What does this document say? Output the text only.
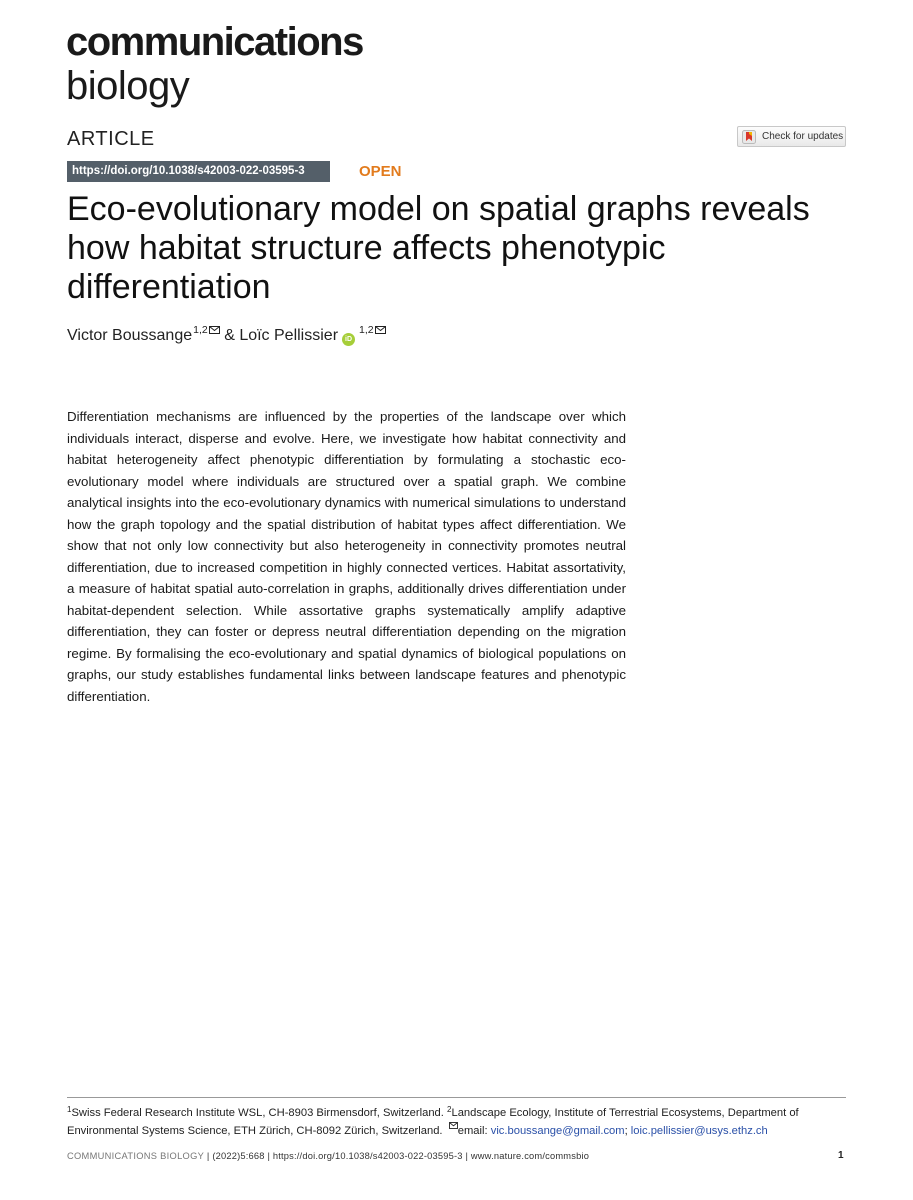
communications
biology
ARTICLE	Check for updates
https://doi.org/10.1038/s42003-022-03595-3	OPEN
Eco-evolutionary model on spatial graphs reveals how habitat structure affects phenotypic differentiation
Victor Boussange$^{1,2}$ & Loïc Pellissier iD$^{1,2}$

Differentiation mechanisms are influenced by the properties of the landscape over which individuals interact, disperse and evolve. Here, we investigate how habitat connectivity and habitat heterogeneity affect phenotypic differentiation by formulating a stochastic eco-evolutionary model where individuals are structured over a spatial graph. We combine analytical insights into the eco-evolutionary dynamics with numerical simulations to understand how the graph topology and the spatial distribution of habitat types affect differentiation. We show that not only low connectivity but also heterogeneity in connectivity promotes neutral differentiation, due to increased competition in highly connected vertices. Habitat assortativity, a measure of habitat spatial auto-correlation in graphs, additionally drives differentiation under habitat-dependent selection. While assortative graphs systematically amplify adaptive differentiation, they can foster or depress neutral differentiation depending on the migration regime. By formalising the eco-evolutionary and spatial dynamics of biological populations on graphs, our study establishes fundamental links between landscape features and phenotypic differentiation.

$^1$Swiss Federal Research Institute WSL, CH-8903 Birmensdorf, Switzerland. $^2$Landscape Ecology, Institute of Terrestrial Ecosystems, Department of Environmental Systems Science, ETH Zürich, CH-8092 Zürich, Switzerland. email: vic.boussange@gmail.com; loic.pellissier@usys.ethz.ch

COMMUNICATIONS BIOLOGY | (2022)5:668 | https://doi.org/10.1038/s42003-022-03595-3 | www.nature.com/commsbio	1
